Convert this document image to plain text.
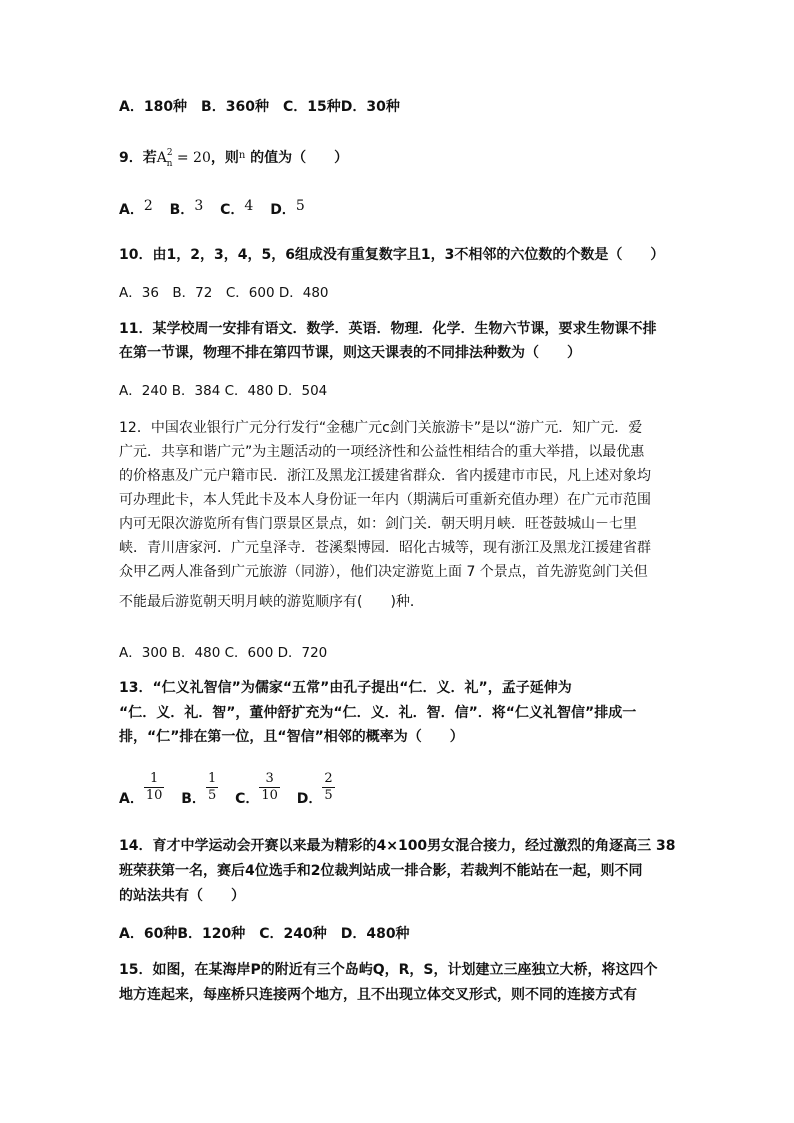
A．180种　B．360种　C．15种D．30种
9．若$A^2_n = 20$，则$^n$ 的值为（　　）
A．2 B．3 C．4 D．5
10．由1，2，3，4，5，6组成没有重复数字且1，3不相邻的六位数的个数是（　　）
A．36　B．72　C．600 D．480
11．某学校周一安排有语文．数学．英语．物理．化学．生物六节课，要求生物课不排
在第一节课，物理不排在第四节课，则这天课表的不同排法种数为（　　）
A．240 B．384 C．480 D．504
12．中国农业银行广元分行发行“金穗广元c剑门关旅游卡”是以“游广元．知广元．爱
广元．共享和谐广元”为主题活动的一项经济性和公益性相结合的重大举措，以最优惠
的价格惠及广元户籍市民．浙江及黑龙江援建省群众．省内援建市市民，凡上述对象均
可办理此卡，本人凭此卡及本人身份证一年内（期满后可重新充值办理）在广元市范围
内可无限次游览所有售门票景区景点，如：剑门关．朝天明月峡．旺苍鼓城山－七里
峡．青川唐家河．广元皇泽寺．苍溪梨博园．昭化古城等，现有浙江及黑龙江援建省群
众甲乙两人准备到广元旅游（同游），他们决定游览上面 7 个景点，首先游览剑门关但
不能最后游览朝天明月峡的游览顺序有(　　)种．
A．300 B．480 C．600 D．720
13．“仁义礼智信”为儒家“五常”由孔子提出“仁．义．礼”，孟子延伸为
“仁．义．礼．智”，董仲舒扩充为“仁．义．礼．智．信”．将“仁义礼智信”排成一
排，“仁”排在第一位，且“智信”相邻的概率为（　　）
A． $\frac{1}{10}$ B． $\frac{1}{5}$ C． $\frac{3}{10}$ D． $\frac{2}{5}$
14．育才中学运动会开赛以来最为精彩的4×100男女混合接力，经过激烈的角逐高三 38
班荣获第一名，赛后4位选手和2位裁判站成一排合影，若裁判不能站在一起，则不同
的站法共有（　　）
A．60种B．120种　C．240种　D．480种
15．如图，在某海岸P的附近有三个岛屿Q，R，S，计划建立三座独立大桥，将这四个
地方连起来，每座桥只连接两个地方，且不出现立体交叉形式，则不同的连接方式有
